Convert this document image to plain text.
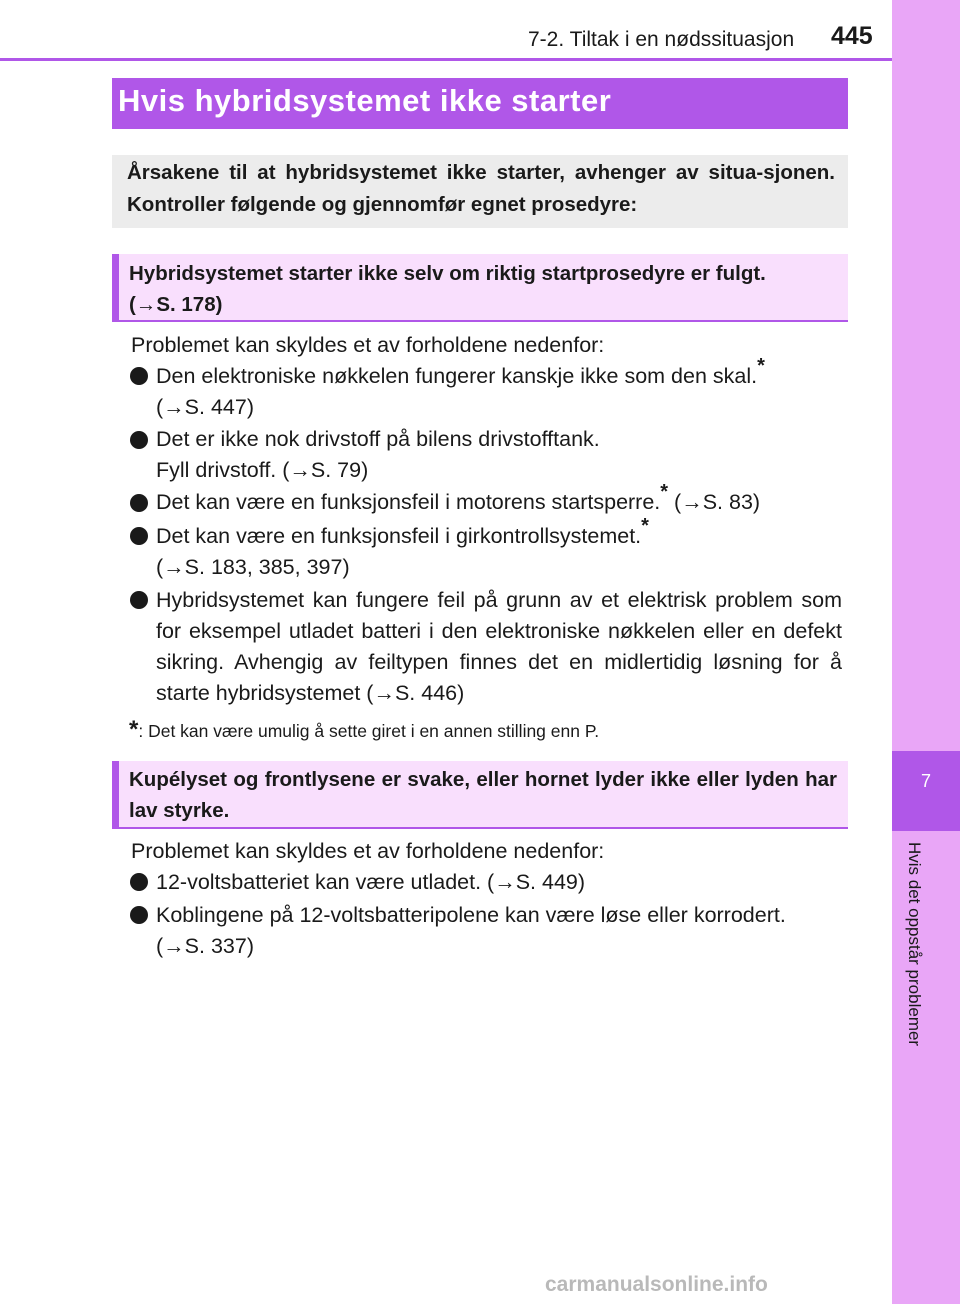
7-2. Tiltak i en nødssituasjon 445
7
Hvis det oppstår problemer
Hvis hybridsystemet ikke starter
Årsakene til at hybridsystemet ikke starter, avhenger av situa-sjonen. Kontroller følgende og gjennomfør egnet prosedyre:
Hybridsystemet starter ikke selv om riktig startprosedyre er fulgt.
(→S. 178)
Problemet kan skyldes et av forholdene nedenfor:
Den elektroniske nøkkelen fungerer kanskje ikke som den skal.*
(→S. 447)
Det er ikke nok drivstoff på bilens drivstofftank.
Fyll drivstoff. (→S. 79)
Det kan være en funksjonsfeil i motorens startsperre.* (→S. 83)
Det kan være en funksjonsfeil i girkontrollsystemet.*
(→S. 183, 385, 397)
Hybridsystemet kan fungere feil på grunn av et elektrisk problem som for eksempel utladet batteri i den elektroniske nøkkelen eller en defekt sikring. Avhengig av feiltypen finnes det en midlertidig løsning for å starte hybridsystemet (→S. 446)
*: Det kan være umulig å sette giret i en annen stilling enn P.
Kupélyset og frontlysene er svake, eller hornet lyder ikke eller lyden har lav styrke.
Problemet kan skyldes et av forholdene nedenfor:
12-voltsbatteriet kan være utladet. (→S. 449)
Koblingene på 12-voltsbatteripolene kan være løse eller korrodert.
(→S. 337)
carmanualsonline.info
